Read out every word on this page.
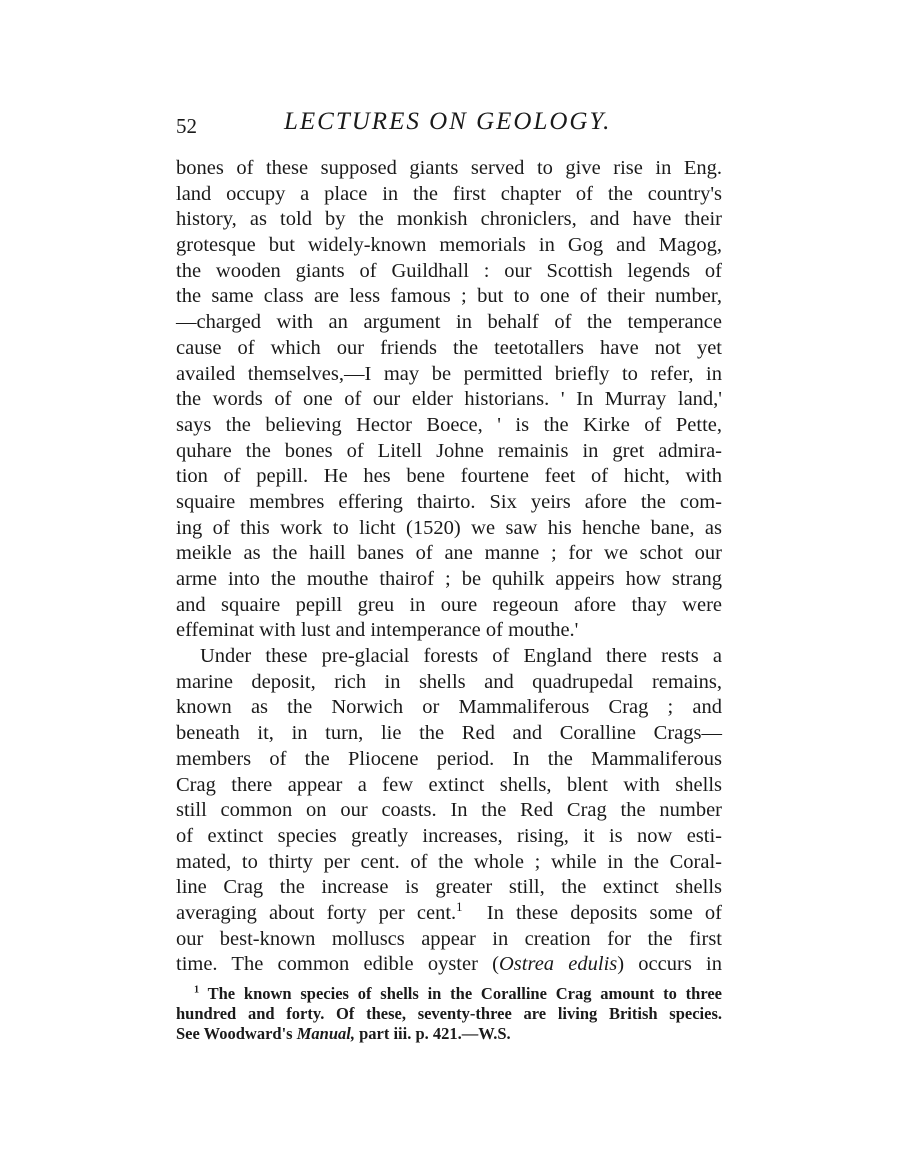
52	LECTURES ON GEOLOGY.
bones of these supposed giants served to give rise in Eng.
land occupy a place in the first chapter of the country's
history, as told by the monkish chroniclers, and have their
grotesque but widely-known memorials in Gog and Magog,
the wooden giants of Guildhall : our Scottish legends of
the same class are less famous ; but to one of their number,
—charged with an argument in behalf of the temperance
cause of which our friends the teetotallers have not yet
availed themselves,—I may be permitted briefly to refer, in
the words of one of our elder historians. ' In Murray land,'
says the believing Hector Boece, ' is the Kirke of Pette,
quhare the bones of Litell Johne remainis in gret admira-
tion of pepill. He hes bene fourtene feet of hicht, with
squaire membres effering thairto. Six yeirs afore the com-
ing of this work to licht (1520) we saw his henche bane, as
meikle as the haill banes of ane manne ; for we schot our
arme into the mouthe thairof ; be quhilk appeirs how strang
and squaire pepill greu in oure regeoun afore thay were
effeminat with lust and intemperance of mouthe.'
Under these pre-glacial forests of England there rests a
marine deposit, rich in shells and quadrupedal remains,
known as the Norwich or Mammaliferous Crag ; and
beneath it, in turn, lie the Red and Coralline Crags—
members of the Pliocene period. In the Mammaliferous
Crag there appear a few extinct shells, blent with shells
still common on our coasts. In the Red Crag the number
of extinct species greatly increases, rising, it is now esti-
mated, to thirty per cent. of the whole ; while in the Coral-
line Crag the increase is greater still, the extinct shells
averaging about forty per cent.$^1$ In these deposits some of
our best-known molluscs appear in creation for the first
time. The common edible oyster (Ostrea edulis) occurs in
$^1$ The known species of shells in the Coralline Crag amount to three
hundred and forty. Of these, seventy-three are living British species.
See Woodward's Manual, part iii. p. 421.—W.S.
